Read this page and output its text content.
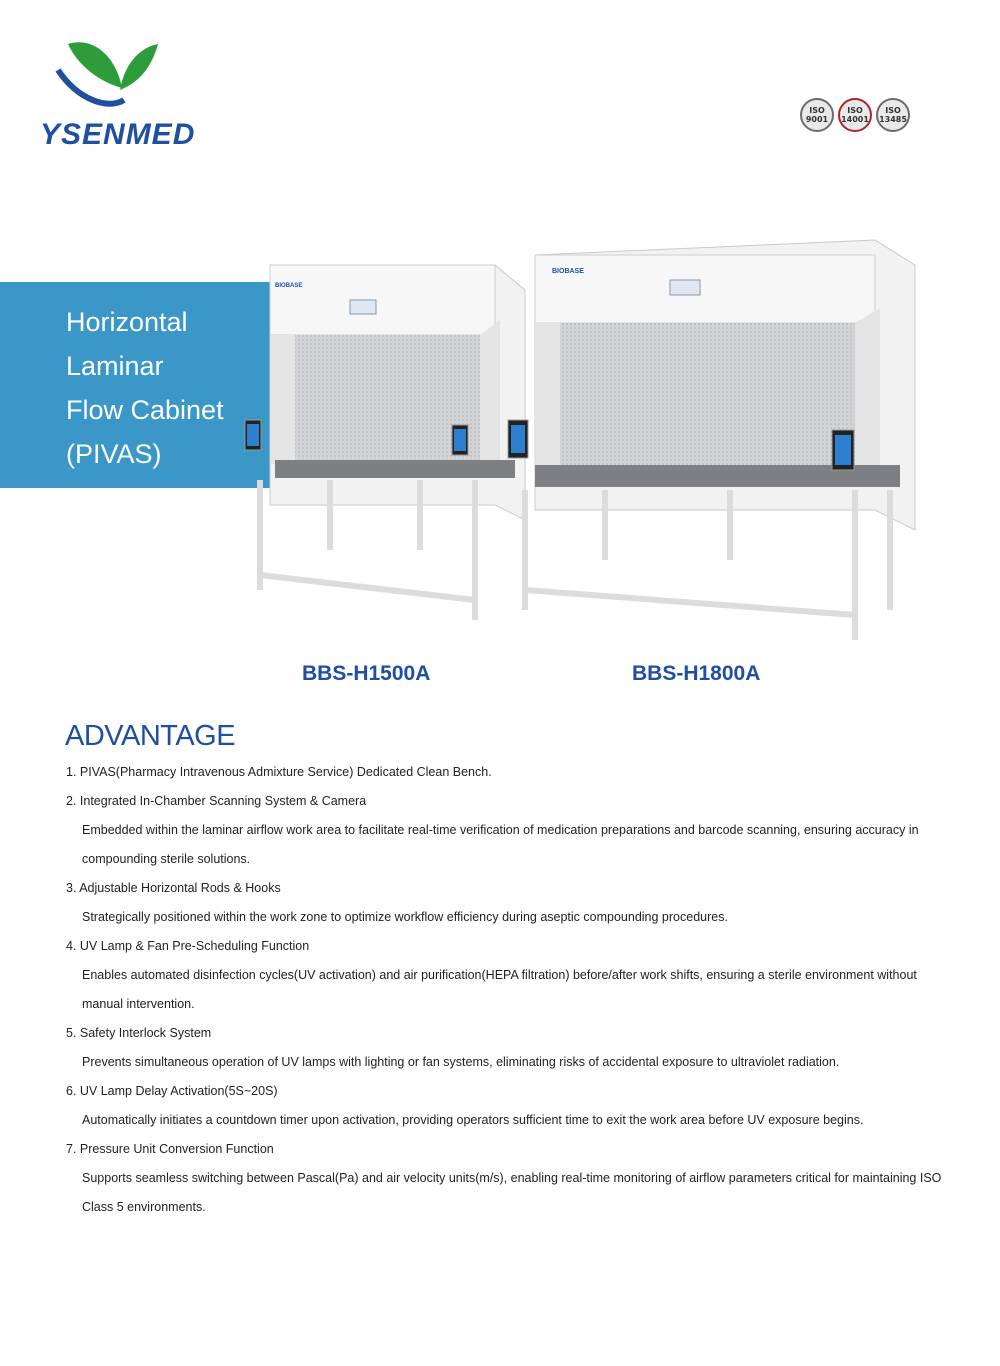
YSENMED
ISO 9001
ISO 14001
ISO 13485
Horizontal
Laminar
Flow Cabinet
(PIVAS)
BIOBASE
BIOBASE
BBS-H1500A	BBS-H1800A
ADVANTAGE
1. PIVAS(Pharmacy Intravenous Admixture Service) Dedicated Clean Bench.
2. Integrated In-Chamber Scanning System & Camera
Embedded within the laminar airflow work area to facilitate real-time verification of medication preparations and barcode scanning, ensuring accuracy in compounding sterile solutions.
3. Adjustable Horizontal Rods & Hooks
Strategically positioned within the work zone to optimize workflow efficiency during aseptic compounding procedures.
4. UV Lamp & Fan Pre-Scheduling Function
Enables automated disinfection cycles(UV activation) and air purification(HEPA filtration) before/after work shifts, ensuring a sterile environment without manual intervention.
5. Safety Interlock System
Prevents simultaneous operation of UV lamps with lighting or fan systems, eliminating risks of accidental exposure to ultraviolet radiation.
6. UV Lamp Delay Activation(5S~20S)
Automatically initiates a countdown timer upon activation, providing operators sufficient time to exit the work area before UV exposure begins.
7. Pressure Unit Conversion Function
Supports seamless switching between Pascal(Pa) and air velocity units(m/s), enabling real-time monitoring of airflow parameters critical for maintaining ISO Class 5 environments.
